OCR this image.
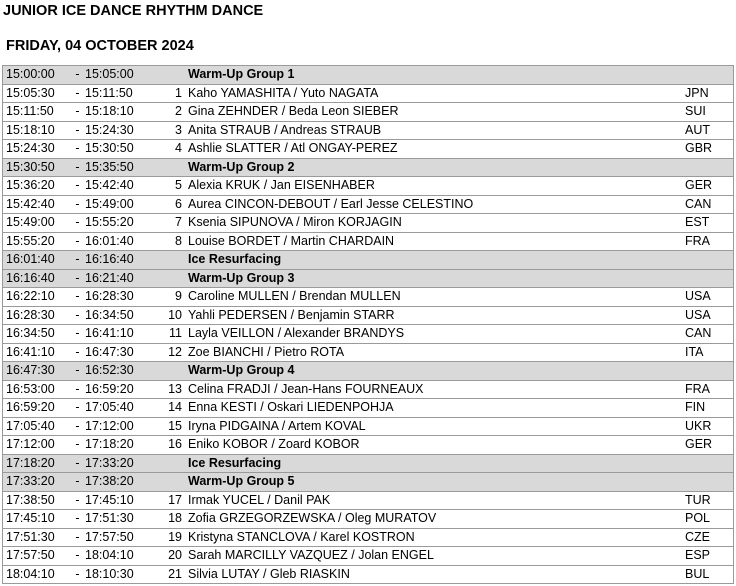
JUNIOR ICE DANCE RHYTHM DANCE
FRIDAY, 04 OCTOBER 2024
15:00:00	-	15:05:00		Warm-Up Group 1	
15:05:30	-	15:11:50	1	Kaho YAMASHITA / Yuto NAGATA	JPN
15:11:50	-	15:18:10	2	Gina ZEHNDER / Beda Leon SIEBER	SUI
15:18:10	-	15:24:30	3	Anita STRAUB / Andreas STRAUB	AUT
15:24:30	-	15:30:50	4	Ashlie SLATTER / Atl ONGAY-PEREZ	GBR
15:30:50	-	15:35:50		Warm-Up Group 2	
15:36:20	-	15:42:40	5	Alexia KRUK / Jan EISENHABER	GER
15:42:40	-	15:49:00	6	Aurea CINCON-DEBOUT / Earl Jesse CELESTINO	CAN
15:49:00	-	15:55:20	7	Ksenia SIPUNOVA / Miron KORJAGIN	EST
15:55:20	-	16:01:40	8	Louise BORDET / Martin CHARDAIN	FRA
16:01:40	-	16:16:40		Ice Resurfacing	
16:16:40	-	16:21:40		Warm-Up Group 3	
16:22:10	-	16:28:30	9	Caroline MULLEN / Brendan MULLEN	USA
16:28:30	-	16:34:50	10	Yahli PEDERSEN / Benjamin STARR	USA
16:34:50	-	16:41:10	11	Layla VEILLON / Alexander BRANDYS	CAN
16:41:10	-	16:47:30	12	Zoe BIANCHI / Pietro ROTA	ITA
16:47:30	-	16:52:30		Warm-Up Group 4	
16:53:00	-	16:59:20	13	Celina FRADJI / Jean-Hans FOURNEAUX	FRA
16:59:20	-	17:05:40	14	Enna KESTI / Oskari LIEDENPOHJA	FIN
17:05:40	-	17:12:00	15	Iryna PIDGAINA / Artem KOVAL	UKR
17:12:00	-	17:18:20	16	Eniko KOBOR / Zoard KOBOR	GER
17:18:20	-	17:33:20		Ice Resurfacing	
17:33:20	-	17:38:20		Warm-Up Group 5	
17:38:50	-	17:45:10	17	Irmak YUCEL / Danil PAK	TUR
17:45:10	-	17:51:30	18	Zofia GRZEGORZEWSKA / Oleg MURATOV	POL
17:51:30	-	17:57:50	19	Kristyna STANCLOVA / Karel KOSTRON	CZE
17:57:50	-	18:04:10	20	Sarah MARCILLY VAZQUEZ / Jolan ENGEL	ESP
18:04:10	-	18:10:30	21	Silvia LUTAY / Gleb RIASKIN	BUL
